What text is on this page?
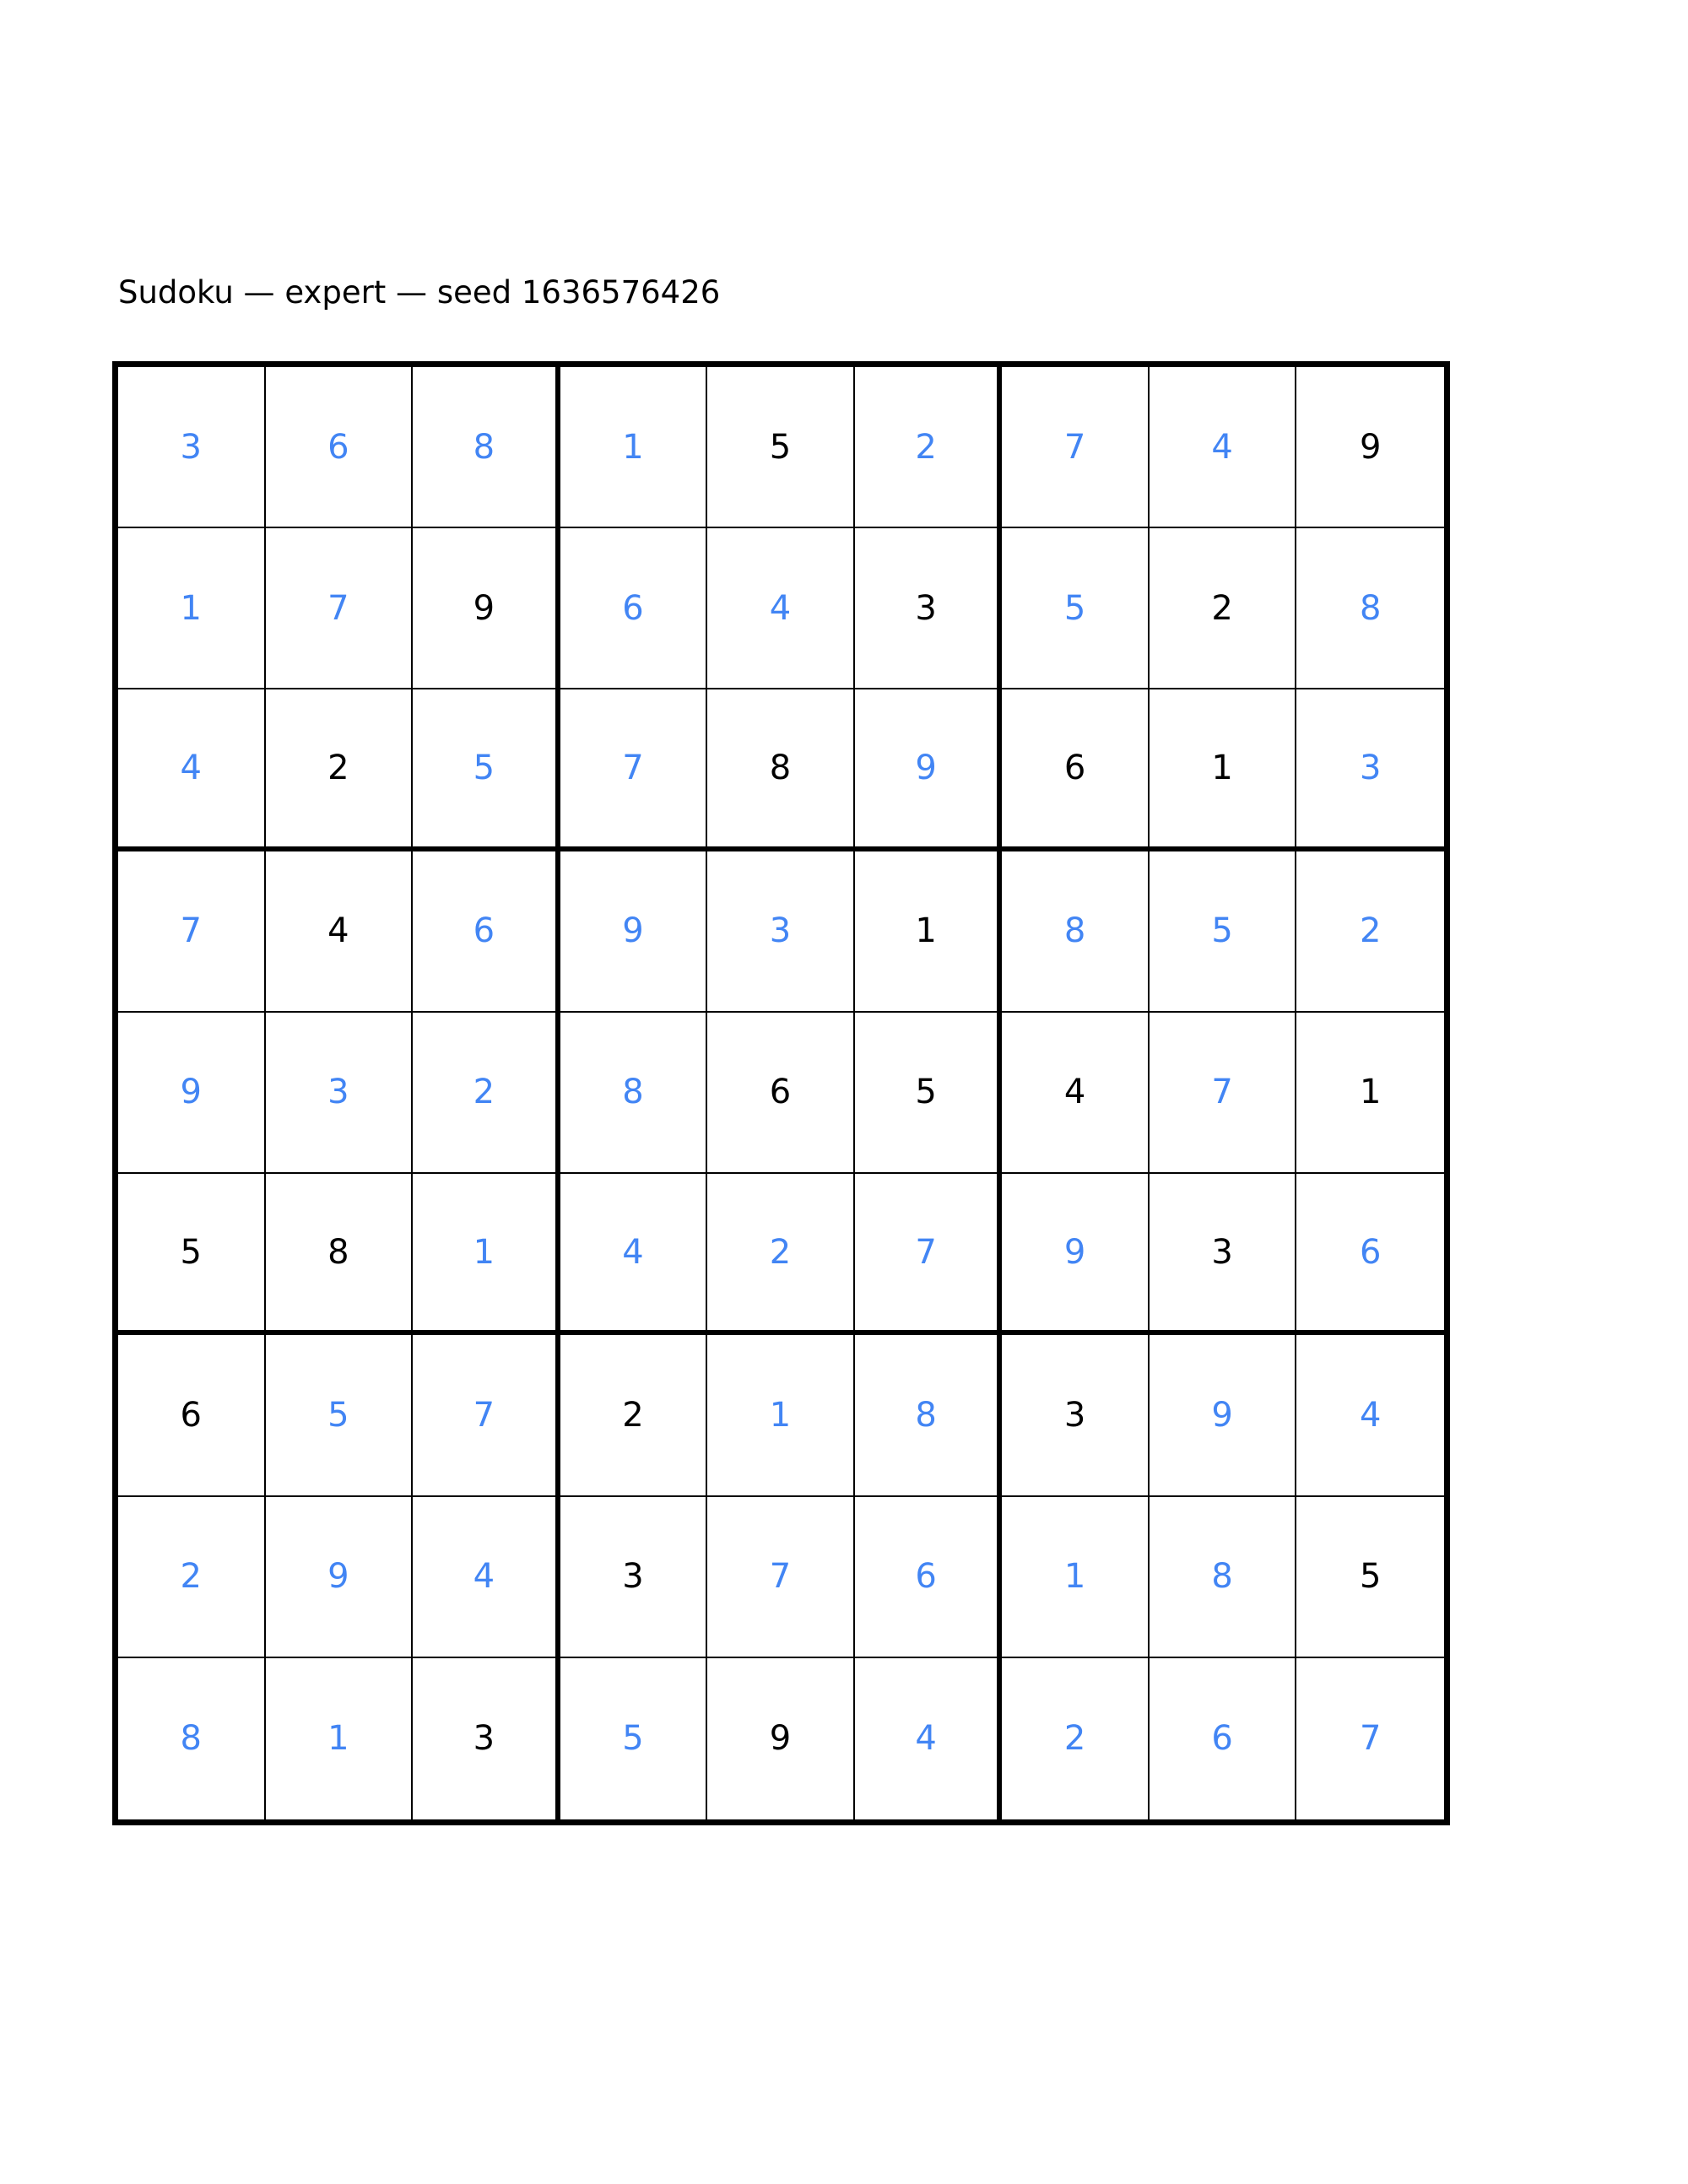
Sudoku — expert — seed 1636576426
3	6	8	1	5	2	7	4	9
1	7	9	6	4	3	5	2	8
4	2	5	7	8	9	6	1	3
7	4	6	9	3	1	8	5	2
9	3	2	8	6	5	4	7	1
5	8	1	4	2	7	9	3	6
6	5	7	2	1	8	3	9	4
2	9	4	3	7	6	1	8	5
8	1	3	5	9	4	2	6	7
